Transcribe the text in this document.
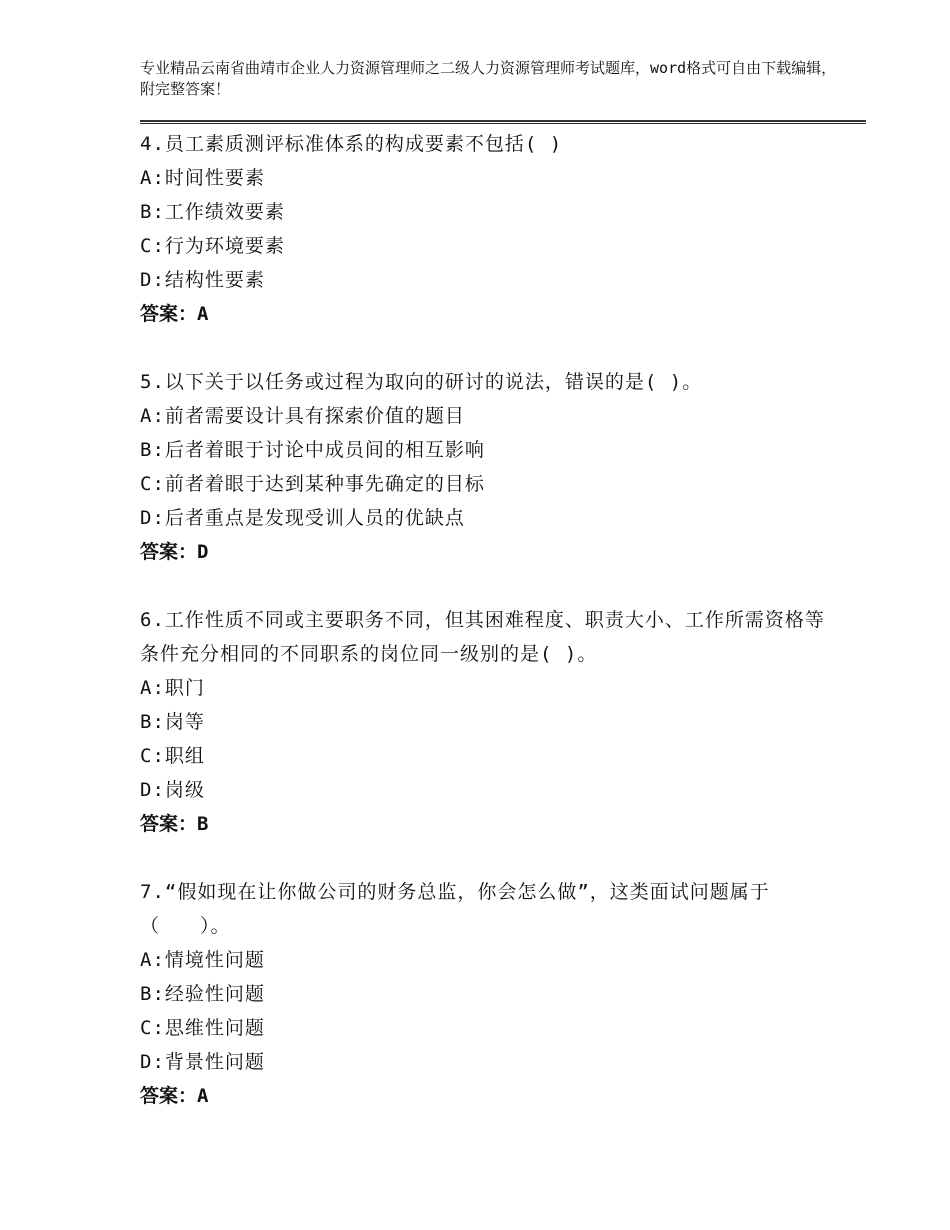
专业精品云南省曲靖市企业人力资源管理师之二级人力资源管理师考试题库，word格式可自由下载编辑，附完整答案！
4.员工素质测评标准体系的构成要素不包括( )
A: 时间性要素
B: 工作绩效要素
C: 行为环境要素
D: 结构性要素
答案：A
5.以下关于以任务或过程为取向的研讨的说法，错误的是( )。
A: 前者需要设计具有探索价值的题目
B: 后者着眼于讨论中成员间的相互影响
C: 前者着眼于达到某种事先确定的目标
D: 后者重点是发现受训人员的优缺点
答案：D
6.工作性质不同或主要职务不同，但其困难程度、职责大小、工作所需资格等条件充分相同的不同职系的岗位同一级别的是( )。
A: 职门
B: 岗等
C: 职组
D: 岗级
答案：B
7.“假如现在让你做公司的财务总监，你会怎么做”，这类面试问题属于（　　）。
A: 情境性问题
B: 经验性问题
C: 思维性问题
D: 背景性问题
答案：A
